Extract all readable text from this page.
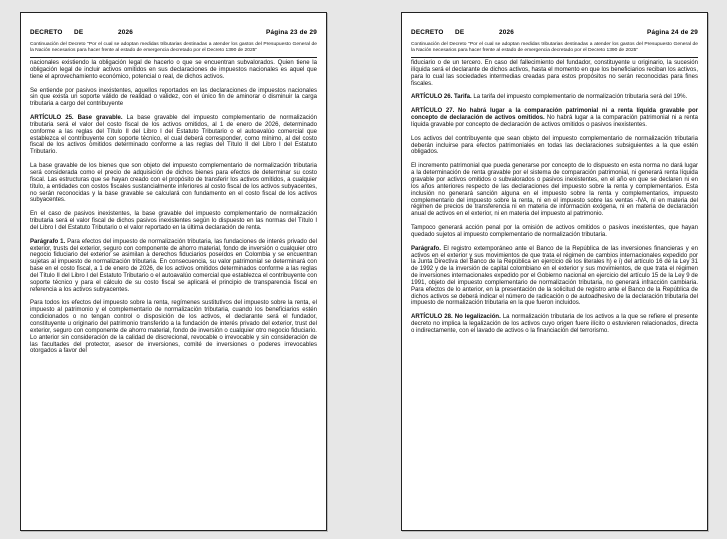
DECRETO	DE	2026	Página 23 de 29
Continuación del Decreto "Por el cual se adoptan medidas tributarias destinadas a atender los gastos del Presupuesto General de la Nación necesarios para hacer frente al estado de emergencia decretado por el Decreto 1390 de 2025"

nacionales existiendo la obligación legal de hacerlo o que se encuentran subvalorados. Quien tiene la obligación legal de incluir activos omitidos en sus declaraciones de impuestos nacionales es aquel que tiene el aprovechamiento económico, potencial o real, de dichos activos.

Se entiende por pasivos inexistentes, aquellos reportados en las declaraciones de impuestos nacionales sin que exista un soporte válido de realidad o validez, con el único fin de aminorar o disminuir la carga tributaria a cargo del contribuyente

ARTÍCULO 25. Base gravable. La base gravable del impuesto complementario de normalización tributaria será el valor del costo fiscal de los activos omitidos, al 1 de enero de 2026, determinado conforme a las reglas del Título II del Libro I del Estatuto Tributario o el autoavalúo comercial que establezca el contribuyente con soporte técnico, el cual deberá corresponder, como mínimo, al del costo fiscal de los activos omitidos determinado conforme a las reglas del Título II del Libro I del Estatuto Tributario.

La base gravable de los bienes que son objeto del impuesto complementario de normalización tributaria será considerada como el precio de adquisición de dichos bienes para efectos de determinar su costo fiscal. Las estructuras que se hayan creado con el propósito de transferir los activos omitidos, a cualquier título, a entidades con costos fiscales sustancialmente inferiores al costo fiscal de los activos subyacentes, no serán reconocidas y la base gravable se calculará con fundamento en el costo fiscal de los activos subyacentes.

En el caso de pasivos inexistentes, la base gravable del impuesto complementario de normalización tributaria será el valor fiscal de dichos pasivos inexistentes según lo dispuesto en las normas del Título I del Libro I del Estatuto Tributario o el valor reportado en la última declaración de renta.

Parágrafo 1. Para efectos del impuesto de normalización tributaria, las fundaciones de interés privado del exterior, trusts del exterior, seguro con componente de ahorro material, fondo de inversión o cualquier otro negocio fiduciario del exterior se asimilan a derechos fiduciarios poseídos en Colombia y se encuentran sujetas al impuesto de normalización tributaria. En consecuencia, su valor patrimonial se determinará con base en el costo fiscal, a 1 de enero de 2026, de los activos omitidos determinados conforme a las reglas del Título II del Libro I del Estatuto Tributario o el autoavalúo comercial que establezca el contribuyente con soporte técnico y para el cálculo de su costo fiscal se aplicará el principio de transparencia fiscal en referencia a los activos subyacentes.

Para todos los efectos del impuesto sobre la renta, regímenes sustitutivos del impuesto sobre la renta, el impuesto al patrimonio y el complementario de normalización tributaria, cuando los beneficiarios estén condicionados o no tengan control o disposición de los activos, el declarante será el fundador, constituyente u originario del patrimonio transferido a la fundación de interés privado del exterior, trust del exterior, seguro con componente de ahorro material, fondo de inversión o cualquier otro negocio fiduciario. Lo anterior sin consideración de la calidad de discrecional, revocable o irrevocable y sin consideración de las facultades del protector, asesor de inversiones, comité de inversiones o poderes irrevocables otorgados a favor del

DECRETO	DE	2026	Página 24 de 29
Continuación del Decreto "Por el cual se adoptan medidas tributarias destinadas a atender los gastos del Presupuesto General de la Nación necesarios para hacer frente al estado de emergencia decretado por el Decreto 1390 de 2025"

fiduciario o de un tercero. En caso del fallecimiento del fundador, constituyente u originario, la sucesión ilíquida será el declarante de dichos activos, hasta el momento en que los beneficiarios reciban los activos, para lo cual las sociedades intermedias creadas para estos propósitos no serán reconocidas para fines fiscales.

ARTÍCULO 26. Tarifa. La tarifa del impuesto complementario de normalización tributaria será del 19%.

ARTÍCULO 27. No habrá lugar a la comparación patrimonial ni a renta líquida gravable por concepto de declaración de activos omitidos. No habrá lugar a la comparación patrimonial ni a renta líquida gravable por concepto de declaración de activos omitidos o pasivos inexistentes.

Los activos del contribuyente que sean objeto del impuesto complementario de normalización tributaria deberán incluirse para efectos patrimoniales en todas las declaraciones subsiguientes a la que estén obligados.

El incremento patrimonial que pueda generarse por concepto de lo dispuesto en esta norma no dará lugar a la determinación de renta gravable por el sistema de comparación patrimonial, ni generará renta líquida gravable por activos omitidos o subvalorados o pasivos inexistentes, en el año en que se declaren ni en los años anteriores respecto de las declaraciones del impuesto sobre la renta y complementarios. Esta inclusión no generará sanción alguna en el impuesto sobre la renta y complementarios, impuesto complementario del impuesto sobre la renta, ni en el impuesto sobre las ventas -IVA, ni en materia del régimen de precios de transferencia ni en materia de información exógena, ni en materia de declaración anual de activos en el exterior, ni en materia del impuesto al patrimonio.

Tampoco generará acción penal por la omisión de activos omitidos o pasivos inexistentes, que hayan quedado sujetos al impuesto complementario de normalización tributaria.

Parágrafo. El registro extemporáneo ante el Banco de la República de las inversiones financieras y en activos en el exterior y sus movimientos de que trata el régimen de cambios internacionales expedido por la Junta Directiva del Banco de la República en ejercicio de los literales h) e i) del artículo 16 de la Ley 31 de 1992 y de la inversión de capital colombiano en el exterior y sus movimientos, de que trata el régimen de inversiones internacionales expedido por el Gobierno nacional en ejercicio del artículo 15 de la Ley 9 de 1991, objeto del impuesto complementario de normalización tributaria, no generará infracción cambiaria. Para efectos de lo anterior, en la presentación de la solicitud de registro ante el Banco de la República de dichos activos se deberá indicar el número de radicación o de autoadhesivo de la declaración tributaria del impuesto de normalización tributaria en la que fueron incluidos.

ARTÍCULO 28. No legalización. La normalización tributaria de los activos a la que se refiere el presente decreto no implica la legalización de los activos cuyo origen fuere ilícito o estuvieren relacionados, directa o indirectamente, con el lavado de activos o la financiación del terrorismo.
